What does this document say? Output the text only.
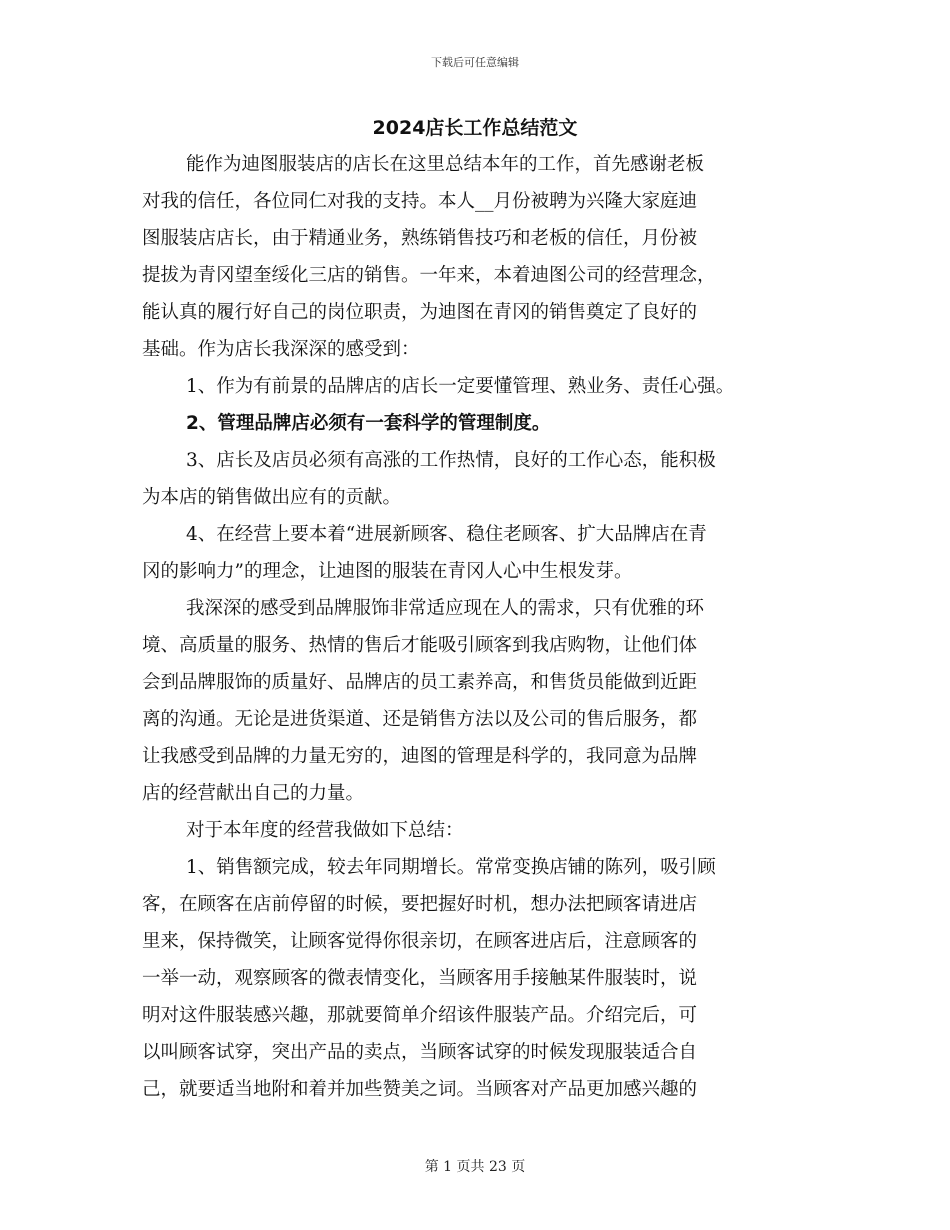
下载后可任意编辑
2024店长工作总结范文
能作为迪图服装店的店长在这里总结本年的工作，首先感谢老板
对我的信任，各位同仁对我的支持。本人__月份被聘为兴隆大家庭迪
图服装店店长，由于精通业务，熟练销售技巧和老板的信任，月份被
提拔为青冈望奎绥化三店的销售。一年来，本着迪图公司的经营理念，
能认真的履行好自己的岗位职责，为迪图在青冈的销售奠定了良好的
基础。作为店长我深深的感受到：
1、作为有前景的品牌店的店长一定要懂管理、熟业务、责任心强。
2、管理品牌店必须有一套科学的管理制度。
3、店长及店员必须有高涨的工作热情，良好的工作心态，能积极
为本店的销售做出应有的贡献。
4、在经营上要本着“进展新顾客、稳住老顾客、扩大品牌店在青
冈的影响力”的理念，让迪图的服装在青冈人心中生根发芽。
我深深的感受到品牌服饰非常适应现在人的需求，只有优雅的环
境、高质量的服务、热情的售后才能吸引顾客到我店购物，让他们体
会到品牌服饰的质量好、品牌店的员工素养高，和售货员能做到近距
离的沟通。无论是进货渠道、还是销售方法以及公司的售后服务，都
让我感受到品牌的力量无穷的，迪图的管理是科学的，我同意为品牌
店的经营献出自己的力量。
对于本年度的经营我做如下总结：
1、销售额完成，较去年同期增长。常常变换店铺的陈列，吸引顾
客，在顾客在店前停留的时候，要把握好时机，想办法把顾客请进店
里来，保持微笑，让顾客觉得你很亲切，在顾客进店后，注意顾客的
一举一动，观察顾客的微表情变化，当顾客用手接触某件服装时，说
明对这件服装感兴趣，那就要简单介绍该件服装产品。介绍完后，可
以叫顾客试穿，突出产品的卖点，当顾客试穿的时候发现服装适合自
己，就要适当地附和着并加些赞美之词。当顾客对产品更加感兴趣的
第 1 页共 23 页
